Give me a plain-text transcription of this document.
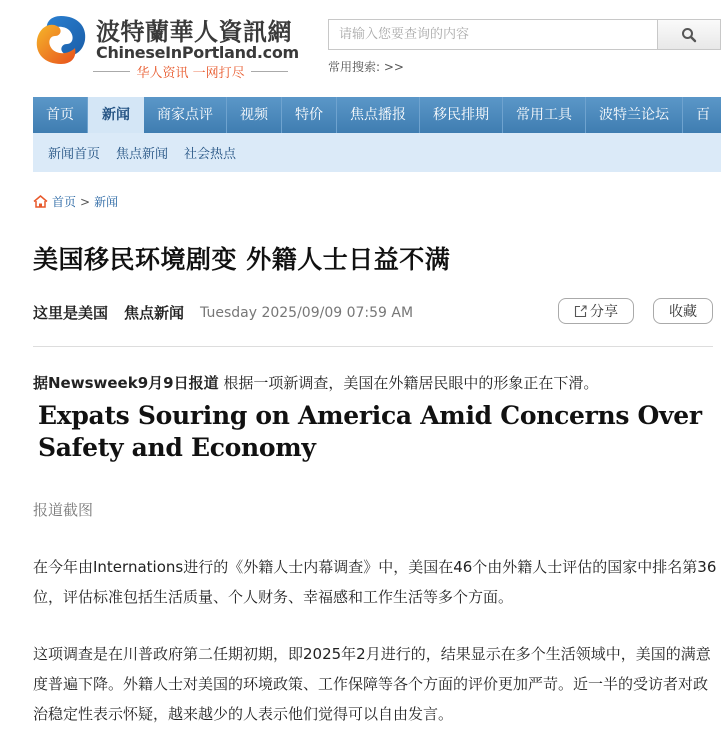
波特蘭華人資訊網
ChineseInPortland.com
华人资讯 一网打尽
请输入您要查询的内容	常用搜索: >>
首页	新闻	商家点评	视频	特价	焦点播报	移民排期	常用工具	波特兰论坛	百
新闻首页 焦点新闻 社会热点
首页 > 新闻
美国移民环境剧变 外籍人士日益不满
这里是美国 焦点新闻 Tuesday 2025/09/09 07:59 AM	分享	收藏
据Newsweek9月9日报道 根据一项新调查，美国在外籍居民眼中的形象正在下滑。
Expats Souring on America Amid Concerns Over Safety and Economy
报道截图

在今年由Internations进行的《外籍人士内幕调查》中，美国在46个由外籍人士评估的国家中排名第36位，评估标准包括生活质量、个人财务、幸福感和工作生活等多个方面。

这项调查是在川普政府第二任期初期，即2025年2月进行的，结果显示在多个生活领域中，美国的满意度普遍下降。外籍人士对美国的环境政策、工作保障等各个方面的评价更加严苛。近一半的受访者对政治稳定性表示怀疑，越来越少的人表示他们觉得可以自由发言。
